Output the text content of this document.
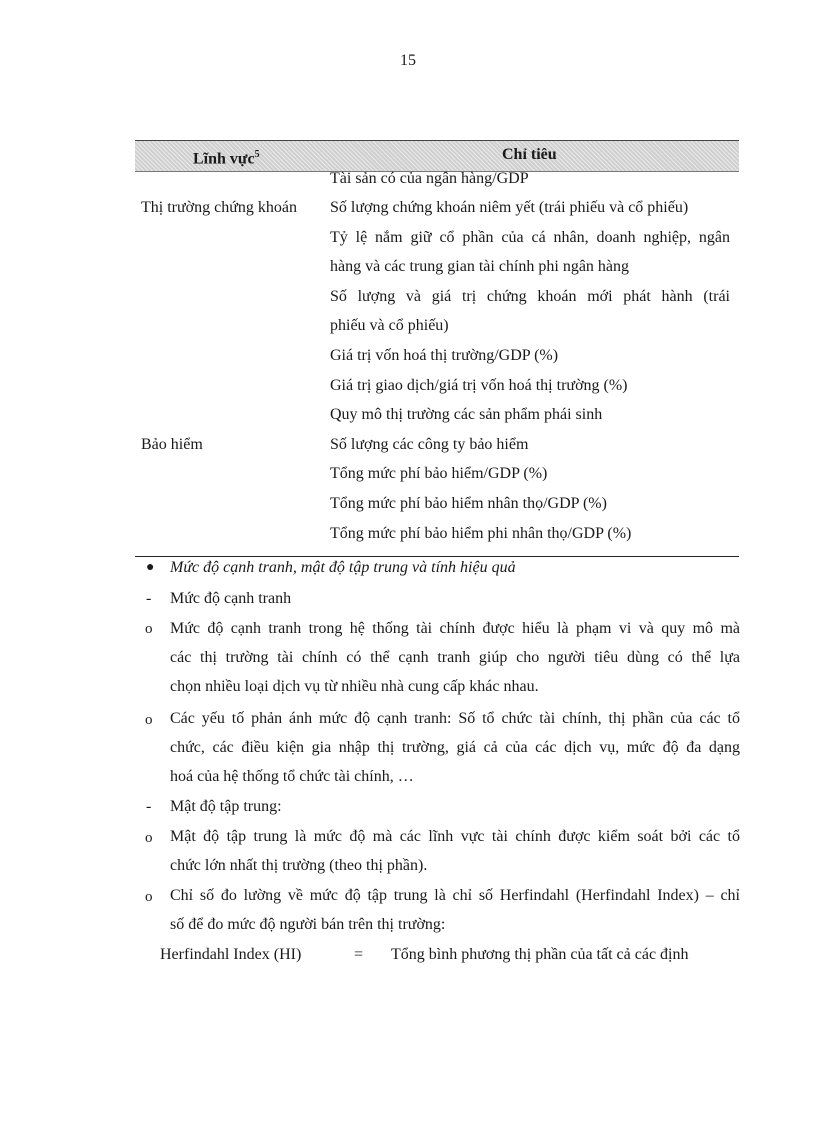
15
Lĩnh vực$^5$	Chỉ tiêu
Tài sản có của ngân hàng/GDP
Thị trường chứng khoán Số lượng chứng khoán niêm yết (trái phiếu và cổ phiếu)
Tỷ lệ nắm giữ cổ phần của cá nhân, doanh nghiệp, ngân
hàng và các trung gian tài chính phi ngân hàng
Số lượng và giá trị chứng khoán mới phát hành (trái
phiếu và cổ phiếu)
Giá trị vốn hoá thị trường/GDP (%)
Giá trị giao dịch/giá trị vốn hoá thị trường (%)
Quy mô thị trường các sản phẩm phái sinh
Bảo hiểm	Số lượng các công ty bảo hiểm
Tổng mức phí bảo hiểm/GDP (%)
Tổng mức phí bảo hiểm nhân thọ/GDP (%)
Tổng mức phí bảo hiểm phi nhân thọ/GDP (%)
● Mức độ cạnh tranh, mật độ tập trung và tính hiệu quả
- Mức độ cạnh tranh
o Mức độ cạnh tranh trong hệ thống tài chính được hiểu là phạm vi và quy mô mà
các thị trường tài chính có thể cạnh tranh giúp cho người tiêu dùng có thể lựa
chọn nhiều loại dịch vụ từ nhiều nhà cung cấp khác nhau.
o Các yếu tố phản ánh mức độ cạnh tranh: Số tổ chức tài chính, thị phần của các tổ
chức, các điều kiện gia nhập thị trường, giá cả của các dịch vụ, mức độ đa dạng
hoá của hệ thống tổ chức tài chính, …
- Mật độ tập trung:
o Mật độ tập trung là mức độ mà các lĩnh vực tài chính được kiểm soát bởi các tổ
chức lớn nhất thị trường (theo thị phần).
o Chỉ số đo lường về mức độ tập trung là chỉ số Herfindahl (Herfindahl Index) – chỉ
số để đo mức độ người bán trên thị trường:
Herfindahl Index (HI)	= Tổng bình phương thị phần của tất cả các định
